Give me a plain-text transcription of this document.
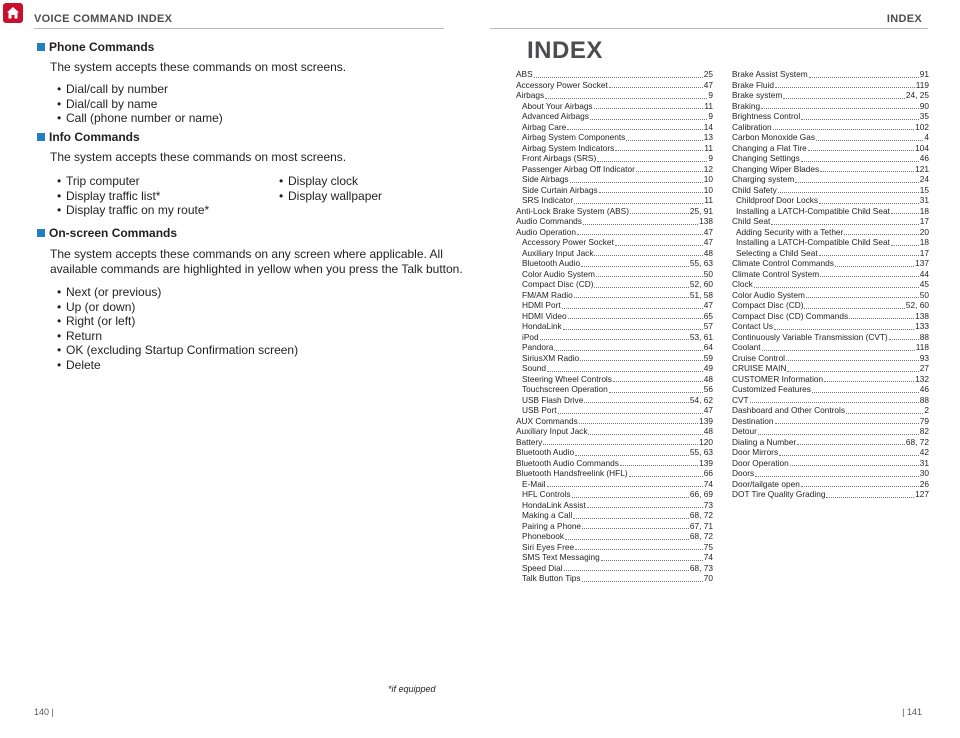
VOICE COMMAND INDEX	INDEX
Phone Commands
The system accepts these commands on most screens.
• Dial/call by number
• Dial/call by name
• Call (phone number or name)
Info Commands
The system accepts these commands on most screens.
• Trip computer
• Display traffic list*
• Display traffic on my route*
• Display clock
• Display wallpaper
On-screen Commands
The system accepts these commands on any screen where applicable. All
available commands are highlighted in yellow when you press the Talk button.
• Next (or previous)
• Up (or down)
• Right (or left)
• Return
• OK (excluding Startup Confirmation screen)
• Delete
*if equipped
INDEX
ABS	25
Accessory Power Socket	47
Airbags	9
About Your Airbags	11
Advanced Airbags	9
Airbag Care	14
Airbag System Components	13
Airbag System Indicators	11
Front Airbags (SRS)	9
Passenger Airbag Off Indicator	12
Side Airbags	10
Side Curtain Airbags	10
SRS Indicator	11
Anti-Lock Brake System (ABS)	25, 91
Audio Commands	138
Audio Operation	47
Accessory Power Socket	47
Auxiliary Input Jack	48
Bluetooth Audio	55, 63
Color Audio System	50
Compact Disc (CD)	52, 60
FM/AM Radio	51, 58
HDMI Port	47
HDMI Video	65
HondaLink	57
iPod	53, 61
Pandora	64
SiriusXM Radio	59
Sound	49
Steering Wheel Controls	48
Touchscreen Operation	56
USB Flash Drive	54, 62
USB Port	47
AUX Commands	139
Auxiliary Input Jack	48
Battery	120
Bluetooth Audio	55, 63
Bluetooth Audio Commands	139
Bluetooth Handsfreelink (HFL)	66
E-Mail	74
HFL Controls	66, 69
HondaLink Assist	73
Making a Call	68, 72
Pairing a Phone	67, 71
Phonebook	68, 72
Siri Eyes Free	75
SMS Text Messaging	74
Speed Dial	68, 73
Talk Button Tips	70
Brake Assist System	91
Brake Fluid	119
Brake system	24, 25
Braking	90
Brightness Control	35
Calibration	102
Carbon Monoxide Gas	4
Changing a Flat Tire	104
Changing Settings	46
Changing Wiper Blades	121
Charging system	24
Child Safety	15
Childproof Door Locks	31
Installing a LATCH-Compatible Child Seat	18
Child Seat	17
Adding Security with a Tether	20
Installing a LATCH-Compatible Child Seat	18
Selecting a Child Seat	17
Climate Control Commands	137
Climate Control System	44
Clock	45
Color Audio System	50
Compact Disc (CD)	52, 60
Compact Disc (CD) Commands	138
Contact Us	133
Continuously Variable Transmission (CVT)	88
Coolant	118
Cruise Control	93
CRUISE MAIN	27
CUSTOMER Information	132
Customized Features	46
CVT	88
Dashboard and Other Controls	2
Destination	79
Detour	82
Dialing a Number	68, 72
Door Mirrors	42
Door Operation	31
Doors	30
Door/tailgate open	26
DOT Tire Quality Grading	127
140 |	| 141
